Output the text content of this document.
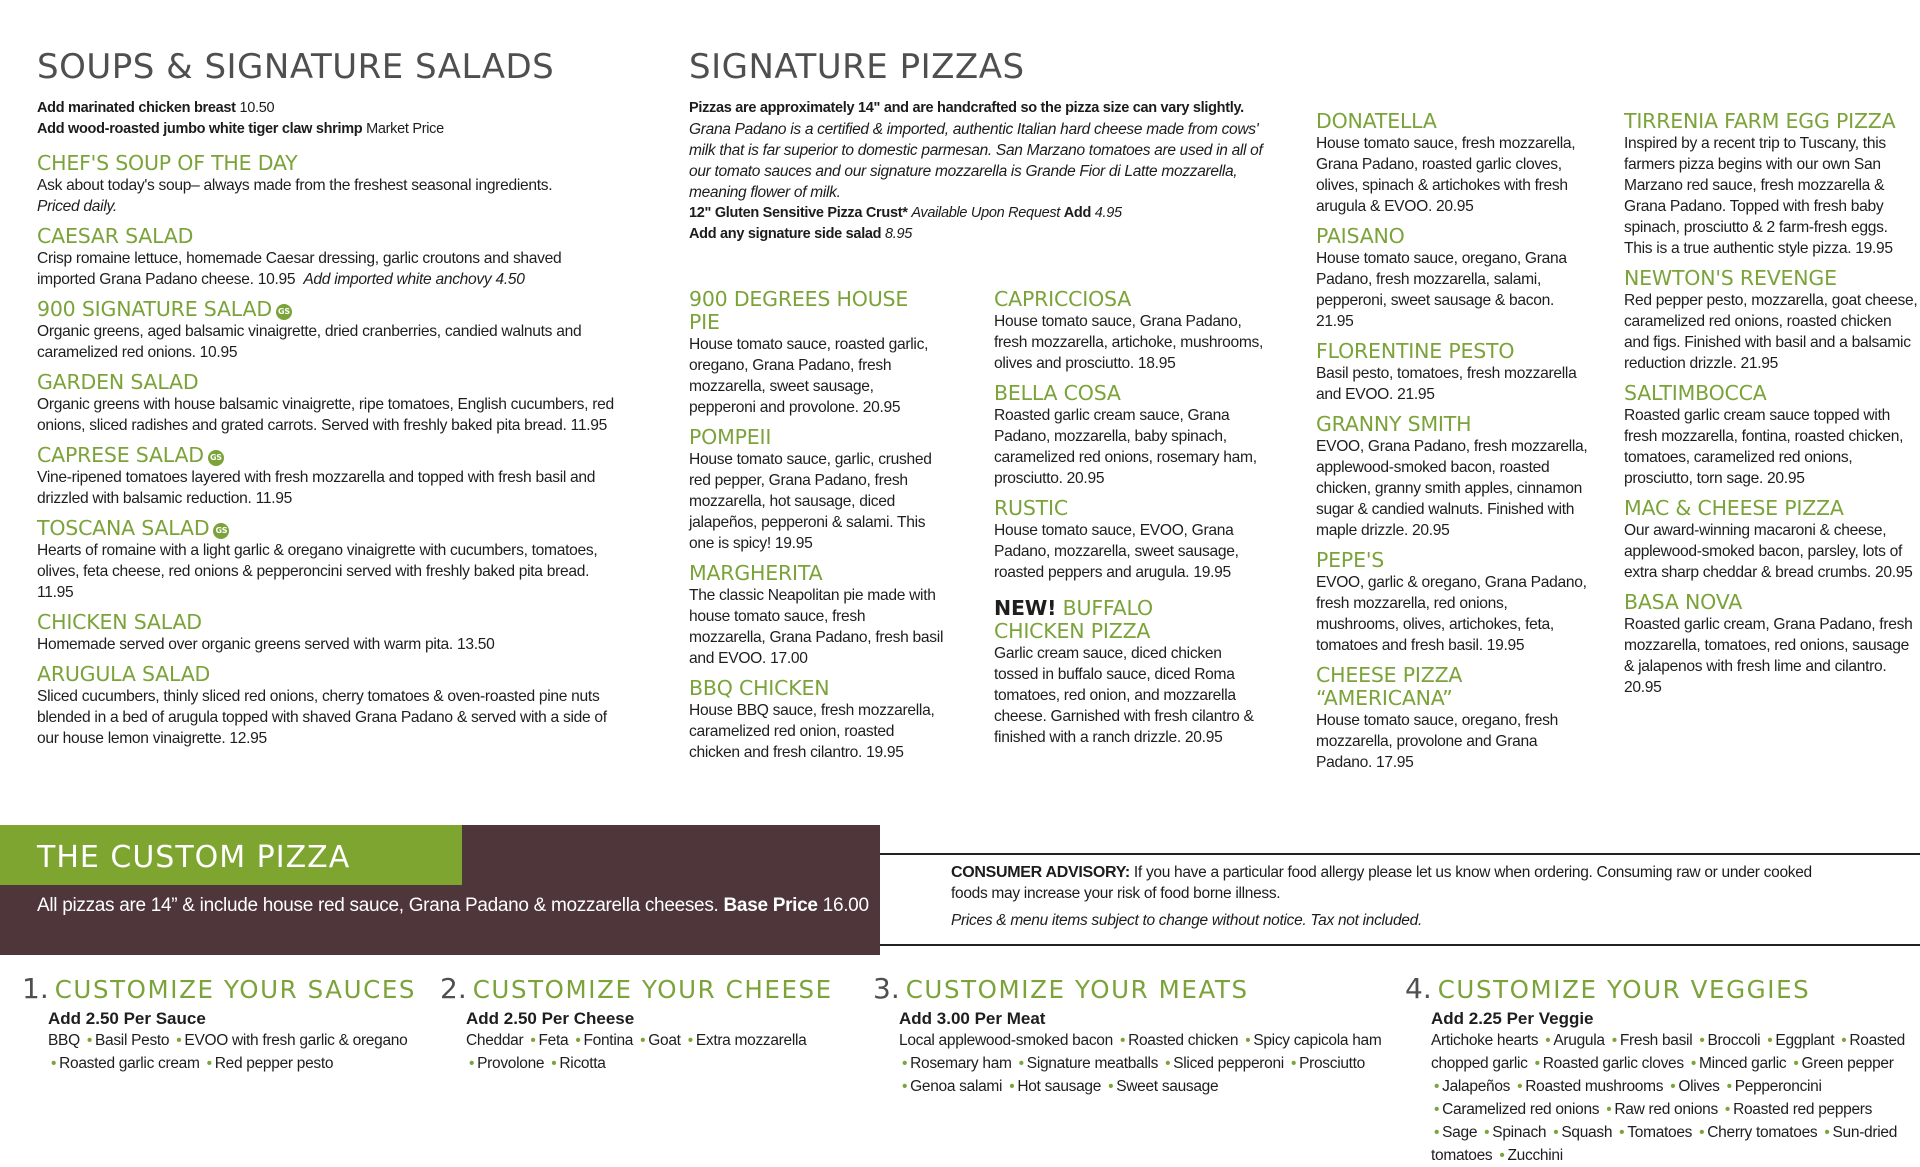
SOUPS & SIGNATURE SALADS
Add marinated chicken breast 10.50
Add wood-roasted jumbo white tiger claw shrimp Market Price
CHEF'S SOUP OF THE DAY
Ask about today's soup– always made from the freshest seasonal ingredients.
Priced daily.
CAESAR SALAD
Crisp romaine lettuce, homemade Caesar dressing, garlic croutons and shaved imported Grana Padano cheese. 10.95 Add imported white anchovy 4.50
900 SIGNATURE SALAD GS
Organic greens, aged balsamic vinaigrette, dried cranberries, candied walnuts and caramelized red onions. 10.95
GARDEN SALAD
Organic greens with house balsamic vinaigrette, ripe tomatoes, English cucumbers, red onions, sliced radishes and grated carrots. Served with freshly baked pita bread. 11.95
CAPRESE SALAD GS
Vine-ripened tomatoes layered with fresh mozzarella and topped with fresh basil and drizzled with balsamic reduction. 11.95
TOSCANA SALAD GS
Hearts of romaine with a light garlic & oregano vinaigrette with cucumbers, tomatoes, olives, feta cheese, red onions & pepperoncini served with freshly baked pita bread. 11.95
CHICKEN SALAD
Homemade served over organic greens served with warm pita. 13.50
ARUGULA SALAD
Sliced cucumbers, thinly sliced red onions, cherry tomatoes & oven-roasted pine nuts blended in a bed of arugula topped with shaved Grana Padano & served with a side of our house lemon vinaigrette. 12.95
SIGNATURE PIZZAS
Pizzas are approximately 14" and are handcrafted so the pizza size can vary slightly.
Grana Padano is a certified & imported, authentic Italian hard cheese made from cows' milk that is far superior to domestic parmesan. San Marzano tomatoes are used in all of our tomato sauces and our signature mozzarella is Grande Fior di Latte mozzarella, meaning flower of milk.
12" Gluten Sensitive Pizza Crust* Available Upon Request Add 4.95
Add any signature side salad 8.95
900 DEGREES HOUSE PIE
House tomato sauce, roasted garlic, oregano, Grana Padano, fresh mozzarella, sweet sausage, pepperoni and provolone. 20.95
POMPEII
House tomato sauce, garlic, crushed red pepper, Grana Padano, fresh mozzarella, hot sausage, diced jalapeños, pepperoni & salami. This one is spicy! 19.95
MARGHERITA
The classic Neapolitan pie made with house tomato sauce, fresh mozzarella, Grana Padano, fresh basil and EVOO. 17.00
BBQ CHICKEN
House BBQ sauce, fresh mozzarella, caramelized red onion, roasted chicken and fresh cilantro. 19.95
CAPRICCIOSA
House tomato sauce, Grana Padano, fresh mozzarella, artichoke, mushrooms, olives and prosciutto. 18.95
BELLA COSA
Roasted garlic cream sauce, Grana Padano, mozzarella, baby spinach, caramelized red onions, rosemary ham, prosciutto. 20.95
RUSTIC
House tomato sauce, EVOO, Grana Padano, mozzarella, sweet sausage, roasted peppers and arugula. 19.95
NEW! BUFFALO
CHICKEN PIZZA
Garlic cream sauce, diced chicken tossed in buffalo sauce, diced Roma tomatoes, red onion, and mozzarella cheese. Garnished with fresh cilantro & finished with a ranch drizzle. 20.95
DONATELLA
House tomato sauce, fresh mozzarella, Grana Padano, roasted garlic cloves, olives, spinach & artichokes with fresh arugula & EVOO. 20.95
PAISANO
House tomato sauce, oregano, Grana Padano, fresh mozzarella, salami, pepperoni, sweet sausage & bacon. 21.95
FLORENTINE PESTO
Basil pesto, tomatoes, fresh mozzarella and EVOO. 21.95
GRANNY SMITH
EVOO, Grana Padano, fresh mozzarella, applewood-smoked bacon, roasted chicken, granny smith apples, cinnamon sugar & candied walnuts. Finished with maple drizzle. 20.95
PEPE'S
EVOO, garlic & oregano, Grana Padano, fresh mozzarella, red onions, mushrooms, olives, artichokes, feta, tomatoes and fresh basil. 19.95
CHEESE PIZZA “AMERICANA”
House tomato sauce, oregano, fresh mozzarella, provolone and Grana Padano. 17.95
TIRRENIA FARM EGG PIZZA
Inspired by a recent trip to Tuscany, this farmers pizza begins with our own San Marzano red sauce, fresh mozzarella & Grana Padano. Topped with fresh baby spinach, prosciutto & 2 farm-fresh eggs. This is a true authentic style pizza. 19.95
NEWTON'S REVENGE
Red pepper pesto, mozzarella, goat cheese, caramelized red onions, roasted chicken and figs. Finished with basil and a balsamic reduction drizzle. 21.95
SALTIMBOCCA
Roasted garlic cream sauce topped with fresh mozzarella, fontina, roasted chicken, tomatoes, caramelized red onions, prosciutto, torn sage. 20.95
MAC & CHEESE PIZZA
Our award-winning macaroni & cheese, applewood-smoked bacon, parsley, lots of extra sharp cheddar & bread crumbs. 20.95
BASA NOVA
Roasted garlic cream, Grana Padano, fresh mozzarella, tomatoes, red onions, sausage & jalapenos with fresh lime and cilantro. 20.95
THE CUSTOM PIZZA
All pizzas are 14” & include house red sauce, Grana Padano & mozzarella cheeses. Base Price 16.00
CONSUMER ADVISORY: If you have a particular food allergy please let us know when ordering. Consuming raw or under cooked foods may increase your risk of food borne illness.
Prices & menu items subject to change without notice. Tax not included.
1. CUSTOMIZE YOUR SAUCES
Add 2.50 Per Sauce
BBQ • Basil Pesto • EVOO with fresh garlic & oregano • Roasted garlic cream • Red pepper pesto
2. CUSTOMIZE YOUR CHEESE
Add 2.50 Per Cheese
Cheddar • Feta • Fontina • Goat • Extra mozzarella • Provolone • Ricotta
3. CUSTOMIZE YOUR MEATS
Add 3.00 Per Meat
Local applewood-smoked bacon • Roasted chicken • Spicy capicola ham • Rosemary ham • Signature meatballs • Sliced pepperoni • Prosciutto • Genoa salami • Hot sausage • Sweet sausage
4. CUSTOMIZE YOUR VEGGIES
Add 2.25 Per Veggie
Artichoke hearts • Arugula • Fresh basil • Broccoli • Eggplant • Roasted chopped garlic • Roasted garlic cloves • Minced garlic • Green pepper • Jalapeños • Roasted mushrooms • Olives • Pepperoncini • Caramelized red onions • Raw red onions • Roasted red peppers • Sage • Spinach • Squash • Tomatoes • Cherry tomatoes • Sun-dried tomatoes • Zucchini
